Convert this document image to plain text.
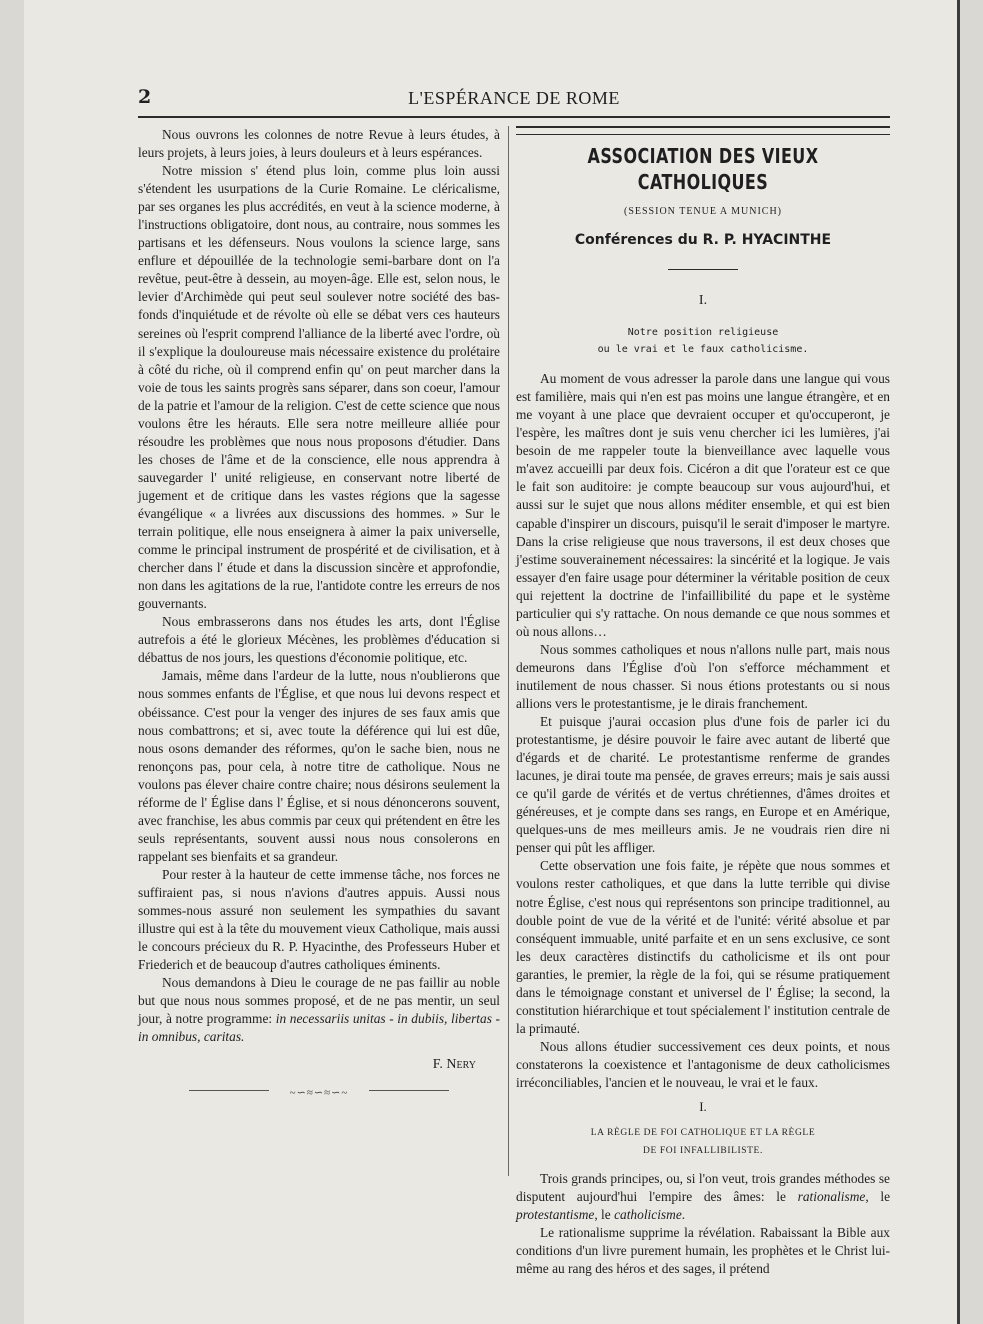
2	L'ESPÉRANCE DE ROME

Nous ouvrons les colonnes de notre Revue à leurs études, à leurs projets, à leurs joies, à leurs douleurs et à leurs espérances.

Notre mission s' étend plus loin, comme plus loin aussi s'étendent les usurpations de la Curie Romaine. Le cléricalisme, par ses organes les plus accrédités, en veut à la science moderne, à l'instructions obligatoire, dont nous, au contraire, nous sommes les partisans et les défenseurs. Nous voulons la science large, sans enflure et dépouillée de la technologie semi-barbare dont on l'a revêtue, peut-être à dessein, au moyen-âge. Elle est, selon nous, le levier d'Archimède qui peut seul soulever notre société des bas-fonds d'inquiétude et de révolte où elle se débat vers ces hauteurs sereines où l'esprit comprend l'alliance de la liberté avec l'ordre, où il s'explique la douloureuse mais nécessaire existence du prolétaire à côté du riche, où il comprend enfin qu' on peut marcher dans la voie de tous les saints progrès sans séparer, dans son coeur, l'amour de la patrie et l'amour de la religion. C'est de cette science que nous voulons être les hérauts. Elle sera notre meilleure alliée pour résoudre les problèmes que nous nous proposons d'étudier. Dans les choses de l'âme et de la conscience, elle nous apprendra à sauvegarder l' unité religieuse, en conservant notre liberté de jugement et de critique dans les vastes régions que la sagesse évangélique « a livrées aux discussions des hommes. » Sur le terrain politique, elle nous enseignera à aimer la paix universelle, comme le principal instrument de prospérité et de civilisation, et à chercher dans l' étude et dans la discussion sincère et approfondie, non dans les agitations de la rue, l'antidote contre les erreurs de nos gouvernants.

Nous embrasserons dans nos études les arts, dont l'Église autrefois a été le glorieux Mécènes, les problèmes d'éducation si débattus de nos jours, les questions d'économie politique, etc.

Jamais, même dans l'ardeur de la lutte, nous n'oublierons que nous sommes enfants de l'Église, et que nous lui devons respect et obéissance. C'est pour la venger des injures de ses faux amis que nous combattrons; et si, avec toute la déférence qui lui est dûe, nous osons demander des réformes, qu'on le sache bien, nous ne renonçons pas, pour cela, à notre titre de catholique. Nous ne voulons pas élever chaire contre chaire; nous désirons seulement la réforme de l' Église dans l' Église, et si nous dénoncerons souvent, avec franchise, les abus commis par ceux qui prétendent en être les seuls représentants, souvent aussi nous nous consolerons en rappelant ses bienfaits et sa grandeur.

Pour rester à la hauteur de cette immense tâche, nos forces ne suffiraient pas, si nous n'avions d'autres appuis. Aussi nous sommes-nous assuré non seulement les sympathies du savant illustre qui est à la tête du mouvement vieux Catholique, mais aussi le concours précieux du R. P. Hyacinthe, des Professeurs Huber et Friederich et de beaucoup d'autres catholiques éminents.

Nous demandons à Dieu le courage de ne pas faillir au noble but que nous nous sommes proposé, et de ne pas mentir, un seul jour, à notre programme: in necessariis unitas - in dubiis, libertas - in omnibus, caritas.

F. Nery
~∽≈∽≈∽~
ASSOCIATION DES VIEUX CATHOLIQUES
(SESSION TENUE A MUNICH)
Conférences du R. P. HYACINTHE
I.
Notre position religieuse
ou le vrai et le faux catholicisme.

Au moment de vous adresser la parole dans une langue qui vous est familière, mais qui n'en est pas moins une langue étrangère, et en me voyant à une place que devraient occuper et qu'occuperont, je l'espère, les maîtres dont je suis venu chercher ici les lumières, j'ai besoin de me rappeler toute la bienveillance avec laquelle vous m'avez accueilli par deux fois. Cicéron a dit que l'orateur est ce que le fait son auditoire: je compte beaucoup sur vous aujourd'hui, et aussi sur le sujet que nous allons méditer ensemble, et qui est bien capable d'inspirer un discours, puisqu'il le serait d'imposer le martyre. Dans la crise religieuse que nous traversons, il est deux choses que j'estime souverainement nécessaires: la sincérité et la logique. Je vais essayer d'en faire usage pour déterminer la véritable position de ceux qui rejettent la doctrine de l'infaillibilité du pape et le système particulier qui s'y rattache. On nous demande ce que nous sommes et où nous allons…

Nous sommes catholiques et nous n'allons nulle part, mais nous demeurons dans l'Église d'où l'on s'efforce méchamment et inutilement de nous chasser. Si nous étions protestants ou si nous allions vers le protestantisme, je le dirais franchement.

Et puisque j'aurai occasion plus d'une fois de parler ici du protestantisme, je désire pouvoir le faire avec autant de liberté que d'égards et de charité. Le protestantisme renferme de grandes lacunes, je dirai toute ma pensée, de graves erreurs; mais je sais aussi ce qu'il garde de vérités et de vertus chrétiennes, d'âmes droites et généreuses, et je compte dans ses rangs, en Europe et en Amérique, quelques-uns de mes meilleurs amis. Je ne voudrais rien dire ni penser qui pût les affliger.

Cette observation une fois faite, je répète que nous sommes et voulons rester catholiques, et que dans la lutte terrible qui divise notre Église, c'est nous qui représentons son principe traditionnel, au double point de vue de la vérité et de l'unité: vérité absolue et par conséquent immuable, unité parfaite et en un sens exclusive, ce sont les deux caractères distinctifs du catholicisme et ils ont pour garanties, le premier, la règle de la foi, qui se résume pratiquement dans le témoignage constant et universel de l' Église; la second, la constitution hiérarchique et tout spécialement l' institution centrale de la primauté.

Nous allons étudier successivement ces deux points, et nous constaterons la coexistence et l'antagonisme de deux catholicismes irréconciliables, l'ancien et le nouveau, le vrai et le faux.

I.
LA RÈGLE DE FOI CATHOLIQUE ET LA RÈGLE
DE FOI INFALLIBILISTE.

Trois grands principes, ou, si l'on veut, trois grandes méthodes se disputent aujourd'hui l'empire des âmes: le rationalisme, le protestantisme, le catholicisme.

Le rationalisme supprime la révélation. Rabaissant la Bible aux conditions d'un livre purement humain, les prophètes et le Christ lui-même au rang des héros et des sages, il prétend
